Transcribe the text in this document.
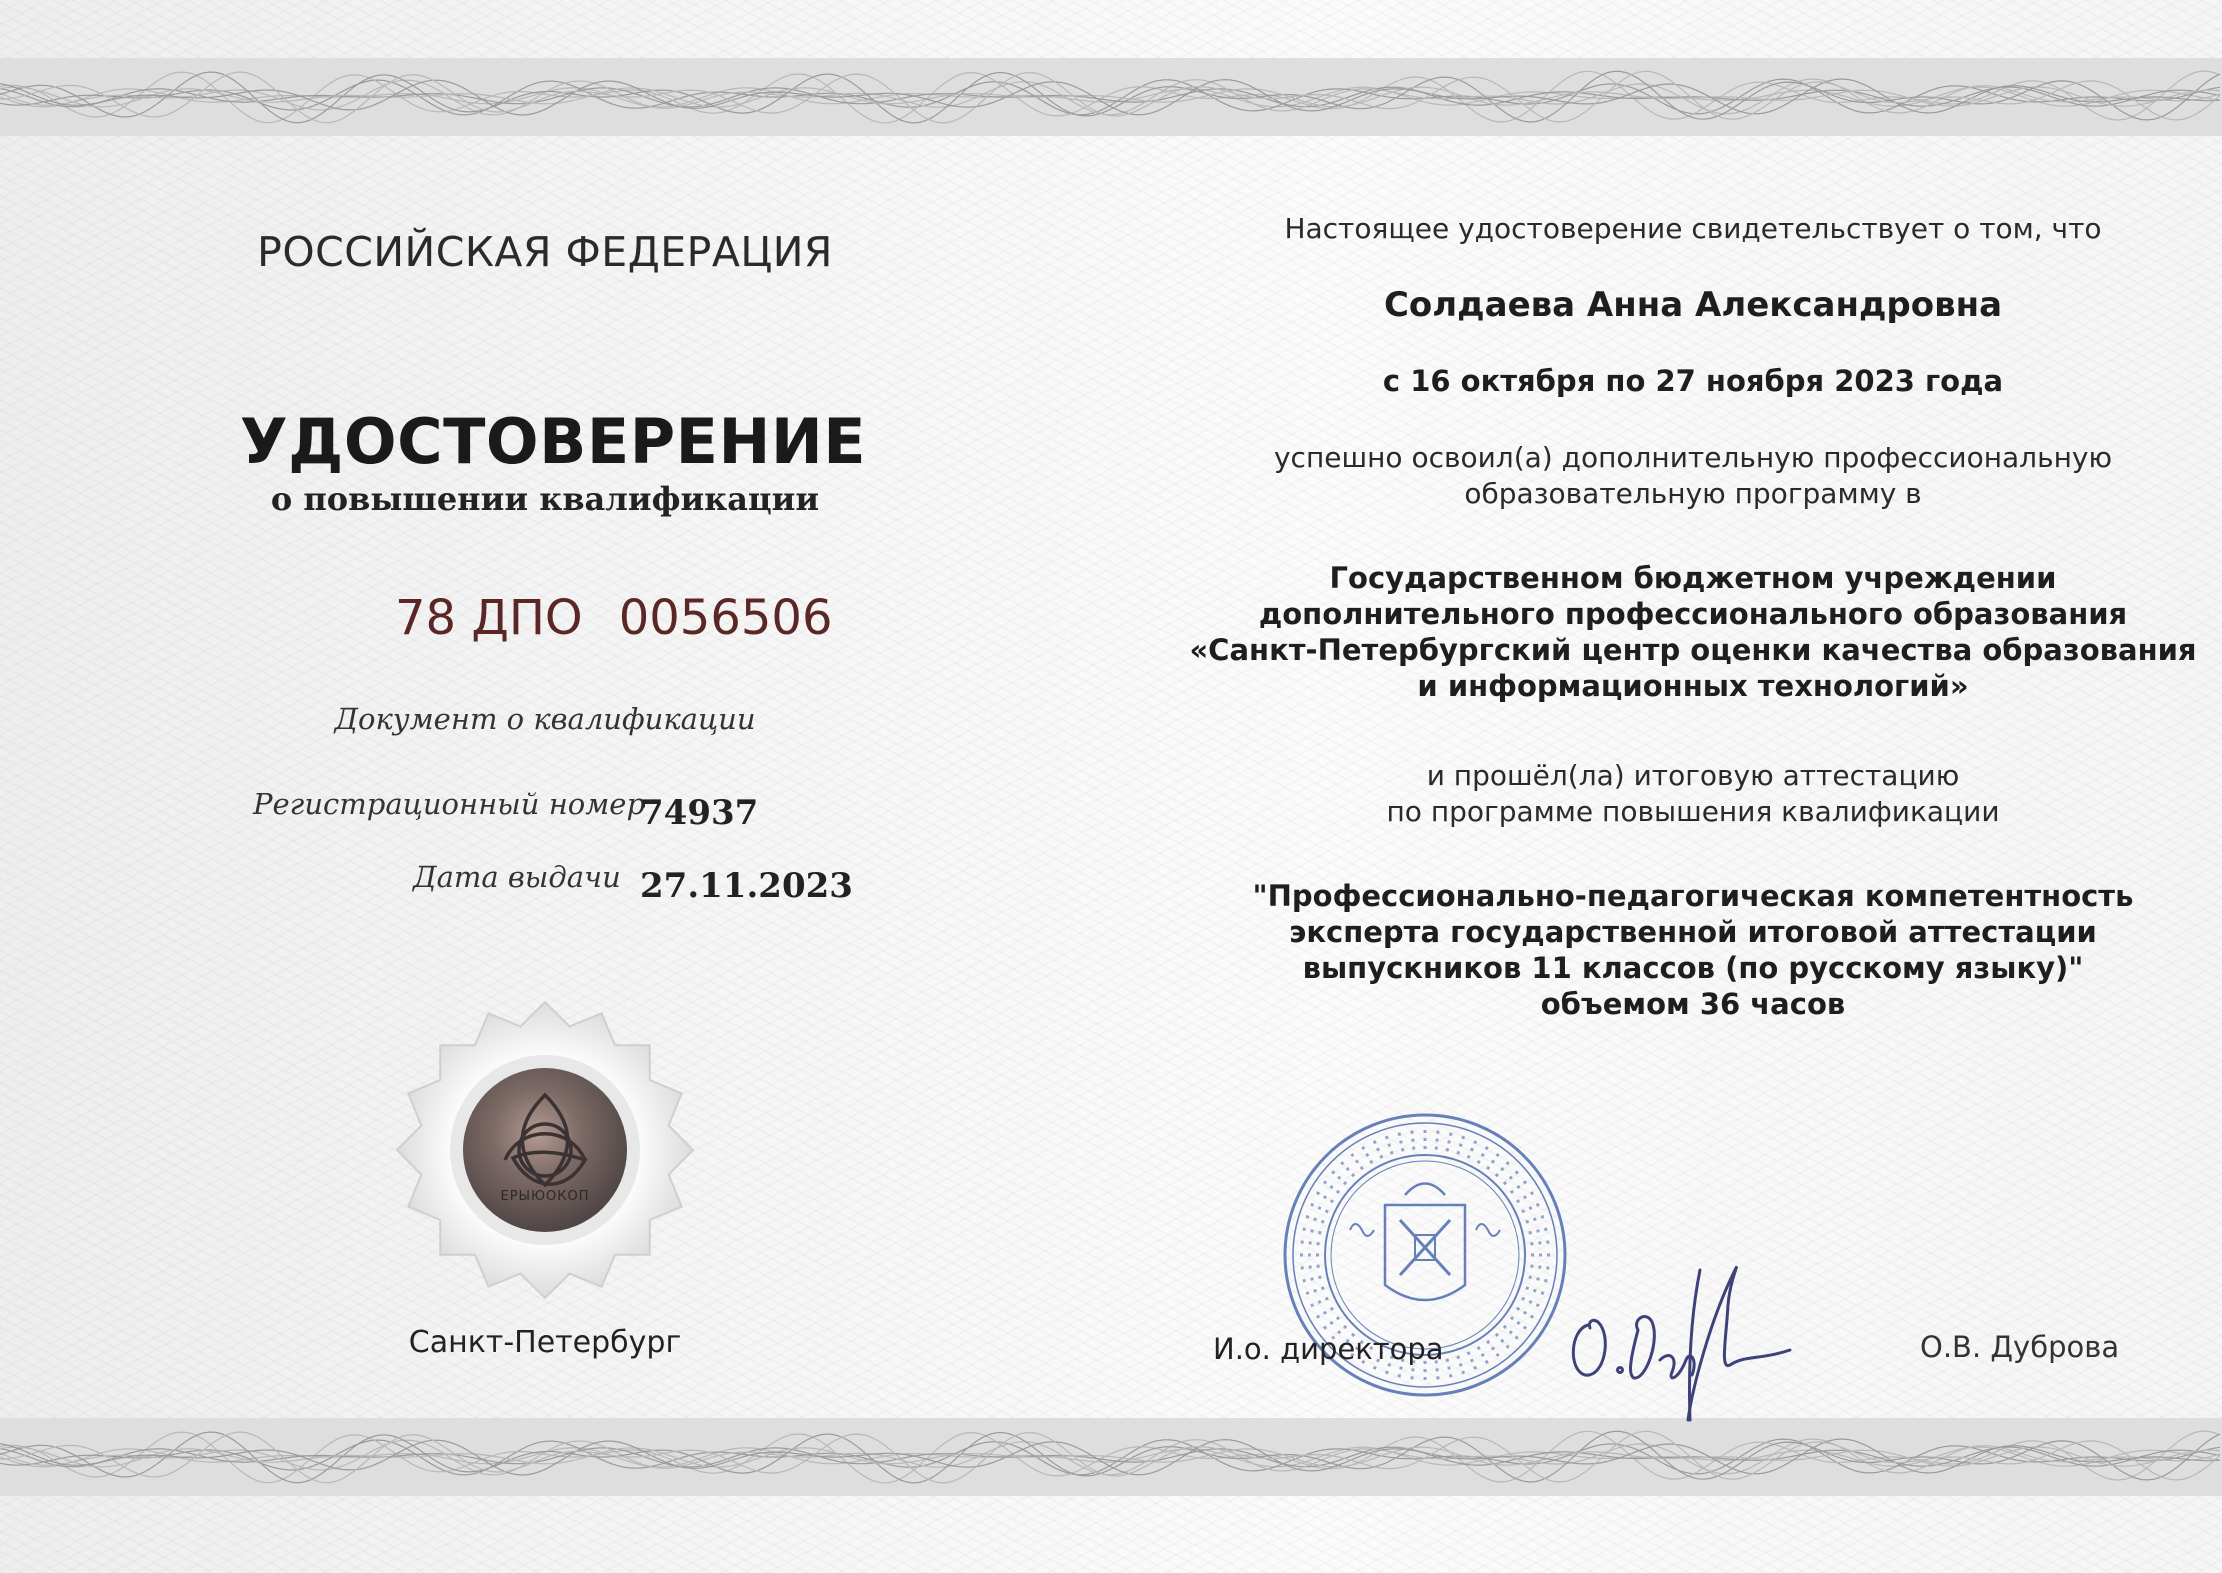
РОССИЙСКАЯ ФЕДЕРАЦИЯ
УДОСТОВЕРЕНИЕ
о повышении квалификации
78 ДПО 0056506
Документ о квалификации
Регистрационный номер
74937
Дата выдачи 27.11.2023
ЕРЫЮОКОП
Санкт-Петербург
Настоящее удостоверение свидетельствует о том, что
Солдаева Анна Александровна
с 16 октября по 27 ноября 2023 года
успешно освоил(а) дополнительную профессиональную
образовательную программу в
Государственном бюджетном учреждении
дополнительного профессионального образования
«Санкт-Петербургский центр оценки качества образования
и информационных технологий»
и прошёл(ла) итоговую аттестацию
по программе повышения квалификации
"Профессионально-педагогическая компетентность
эксперта государственной итоговой аттестации
выпускников 11 классов (по русскому языку)"
объемом 36 часов
И.о. директора	О.В. Дуброва
